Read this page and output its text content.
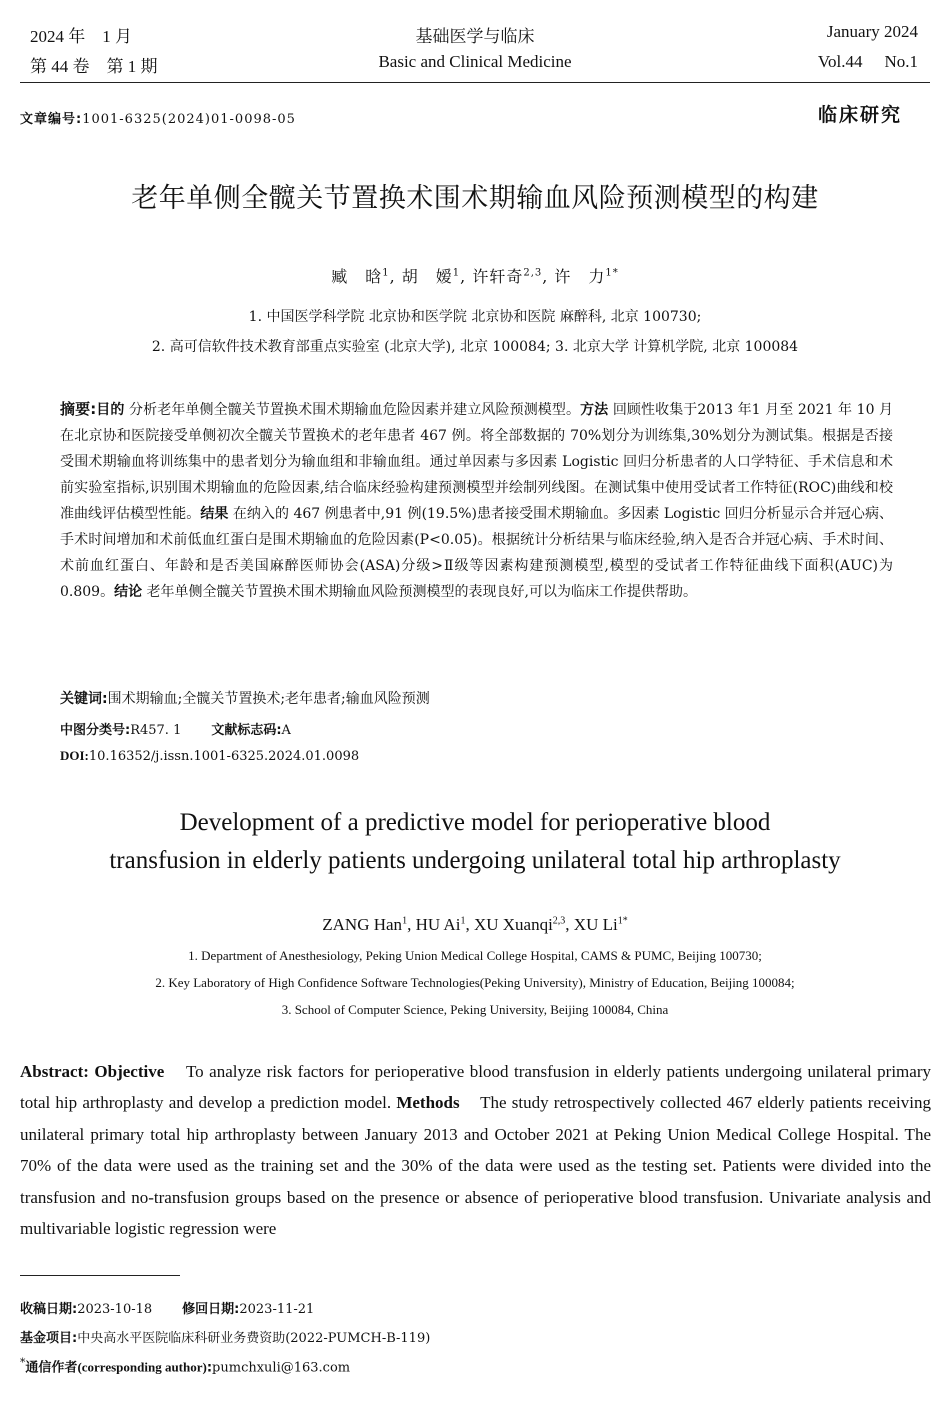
2024 年　1 月
第 44 卷　第 1 期
基础医学与临床
Basic and Clinical Medicine
January 2024
Vol.44 No.1
文章编号:1001-6325(2024)01-0098-05	临床研究
老年单侧全髋关节置换术围术期输血风险预测模型的构建
臧　晗$^1$, 胡　嫒$^1$, 许轩奇$^{2,3}$, 许　力$^{1*}$
1. 中国医学科学院 北京协和医学院 北京协和医院 麻醉科, 北京 100730;
2. 高可信软件技术教育部重点实验室 (北京大学), 北京 100084; 3. 北京大学 计算机学院, 北京 100084
摘要:目的 分析老年单侧全髋关节置换术围术期输血危险因素并建立风险预测模型。方法 回顾性收集于2013 年1 月至 2021 年 10 月在北京协和医院接受单侧初次全髋关节置换术的老年患者 467 例。将全部数据的 70%划分为训练集,30%划分为测试集。根据是否接受围术期输血将训练集中的患者划分为输血组和非输血组。通过单因素与多因素 Logistic 回归分析患者的人口学特征、手术信息和术前实验室指标,识别围术期输血的危险因素,结合临床经验构建预测模型并绘制列线图。在测试集中使用受试者工作特征(ROC)曲线和校准曲线评估模型性能。结果 在纳入的 467 例患者中,91 例(19.5%)患者接受围术期输血。多因素 Logistic 回归分析显示合并冠心病、手术时间增加和术前低血红蛋白是围术期输血的危险因素(P<0.05)。根据统计分析结果与临床经验,纳入是否合并冠心病、手术时间、术前血红蛋白、年龄和是否美国麻醉医师协会(ASA)分级>Ⅱ级等因素构建预测模型,模型的受试者工作特征曲线下面积(AUC)为 0.809。结论 老年单侧全髋关节置换术围术期输血风险预测模型的表现良好,可以为临床工作提供帮助。
关键词:围术期输血;全髋关节置换术;老年患者;输血风险预测
中图分类号:R457. 1 文献标志码:A
DOI:10.16352/j.issn.1001-6325.2024.01.0098
Development of a predictive model for perioperative blood
transfusion in elderly patients undergoing unilateral total hip arthroplasty
ZANG Han$^1$, HU Ai$^1$, XU Xuanqi$^{2,3}$, XU $Li^{1*}$
1. Department of Anesthesiology, Peking Union Medical College Hospital, CAMS & PUMC, Beijing 100730;
2. Key Laboratory of High Confidence Software Technologies(Peking University), Ministry of Education, Beijing 100084;
3. School of Computer Science, Peking University, Beijing 100084, China
Abstract: Objective To analyze risk factors for perioperative blood transfusion in elderly patients undergoing unilateral primary total hip arthroplasty and develop a prediction model. Methods The study retrospectively collected 467 elderly patients receiving unilateral primary total hip arthroplasty between January 2013 and October 2021 at Peking Union Medical College Hospital. The 70% of the data were used as the training set and the 30% of the data were used as the testing set. Patients were divided into the transfusion and no-transfusion groups based on the presence or absence of perioperative blood transfusion. Univariate analysis and multivariable logistic regression were
收稿日期:2023-10-18 修回日期:2023-11-21
基金项目:中央高水平医院临床科研业务费资助(2022-PUMCH-B-119)
*通信作者(corresponding author):pumchxuli@163.com
